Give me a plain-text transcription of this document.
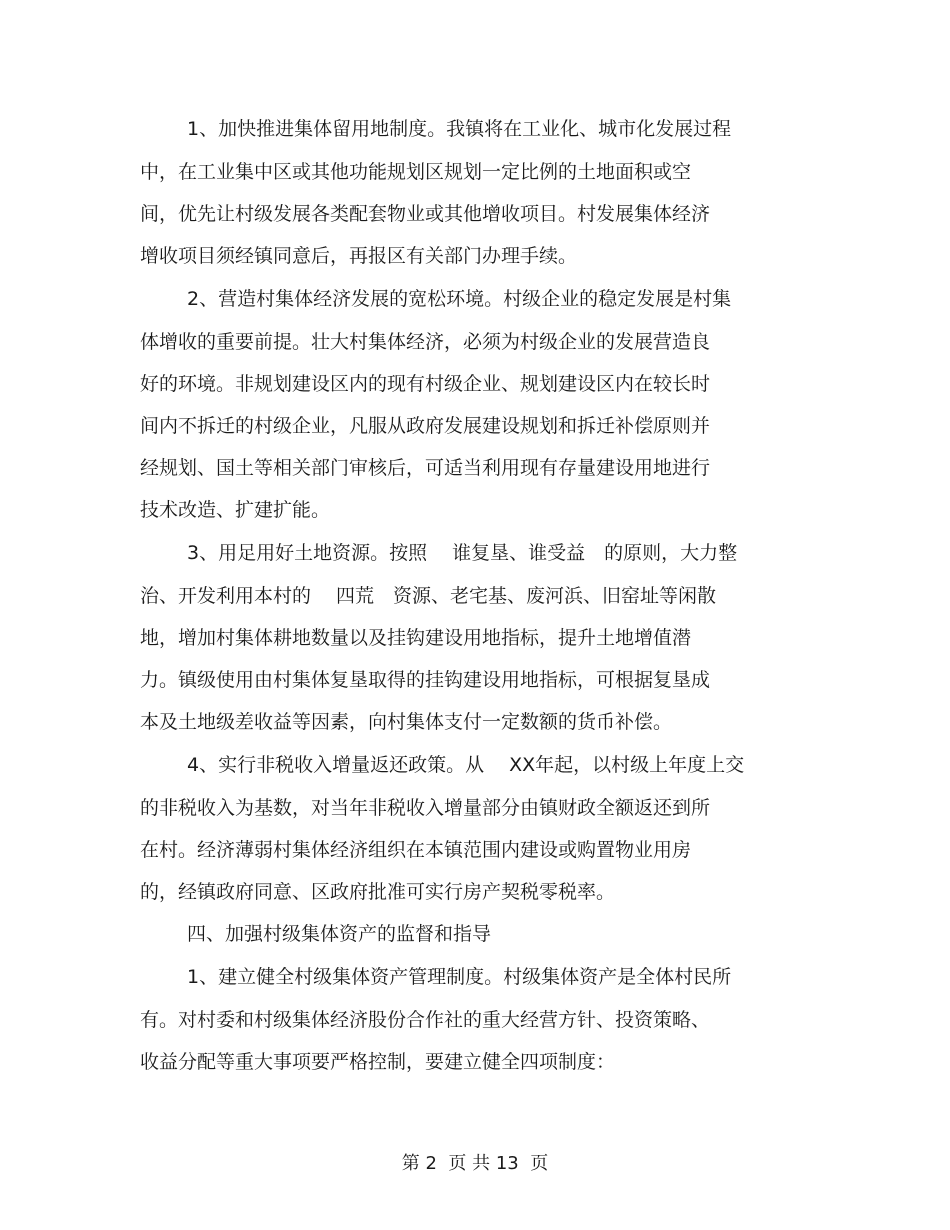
1、加快推进集体留用地制度。我镇将在工业化、城市化发展过程
中，在工业集中区或其他功能规划区规划一定比例的土地面积或空
间，优先让村级发展各类配套物业或其他增收项目。村发展集体经济
增收项目须经镇同意后，再报区有关部门办理手续。
2、营造村集体经济发展的宽松环境。村级企业的稳定发展是村集
体增收的重要前提。壮大村集体经济，必须为村级企业的发展营造良
好的环境。非规划建设区内的现有村级企业、规划建设区内在较长时
间内不拆迁的村级企业，凡服从政府发展建设规划和拆迁补偿原则并
经规划、国土等相关部门审核后，可适当利用现有存量建设用地进行
技术改造、扩建扩能。
3、用足用好土地资源。按照　 谁复垦、谁受益　的原则，大力整
治、开发利用本村的　 四荒　资源、老宅基、废河浜、旧窑址等闲散
地，增加村集体耕地数量以及挂钩建设用地指标，提升土地增值潜
力。镇级使用由村集体复垦取得的挂钩建设用地指标，可根据复垦成
本及土地级差收益等因素，向村集体支付一定数额的货币补偿。
4、实行非税收入增量返还政策。从　 XX年起，以村级上年度上交
的非税收入为基数，对当年非税收入增量部分由镇财政全额返还到所
在村。经济薄弱村集体经济组织在本镇范围内建设或购置物业用房
的，经镇政府同意、区政府批准可实行房产契税零税率。
四、加强村级集体资产的监督和指导
1、建立健全村级集体资产管理制度。村级集体资产是全体村民所
有。对村委和村级集体经济股份合作社的重大经营方针、投资策略、
收益分配等重大事项要严格控制，要建立健全四项制度：
第 2  页 共 13  页
